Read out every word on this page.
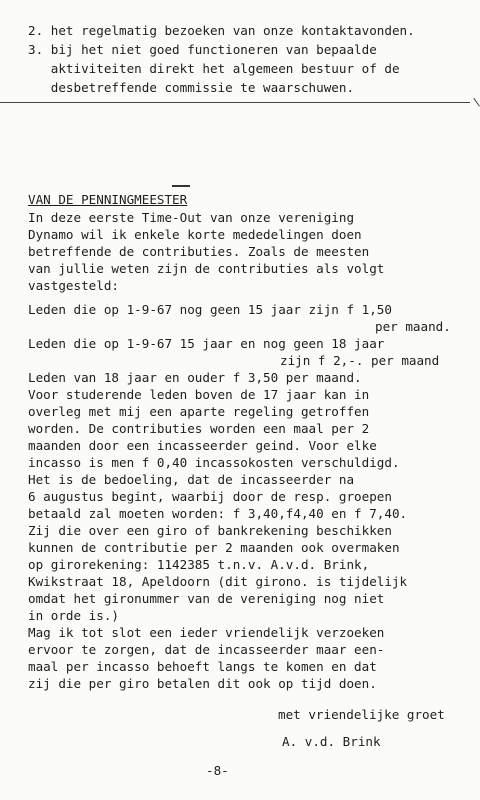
2. het regelmatig bezoeken van onze kontaktavonden.
3. bij het niet goed functioneren van bepaalde
aktiviteiten direkt het algemeen bestuur of de
desbetreffende commissie te waarschuwen.
VAN DE PENNINGMEESTER
In deze eerste Time-Out van onze vereniging
Dynamo wil ik enkele korte mededelingen doen
betreffende de contributies. Zoals de meesten
van jullie weten zijn de contributies als volgt
vastgesteld:
Leden die op 1-9-67 nog geen 15 jaar zijn f 1,50
per maand.
Leden die op 1-9-67 15 jaar en nog geen 18 jaar
zijn f 2,-. per maand
Leden van 18 jaar en ouder f 3,50 per maand.
Voor studerende leden boven de 17 jaar kan in
overleg met mij een aparte regeling getroffen
worden. De contributies worden een maal per 2
maanden door een incasseerder geind. Voor elke
incasso is men f 0,40 incassokosten verschuldigd.
Het is de bedoeling, dat de incasseerder na
6 augustus begint, waarbij door de resp. groepen
betaald zal moeten worden: f 3,40,f4,40 en f 7,40.
Zij die over een giro of bankrekening beschikken
kunnen de contributie per 2 maanden ook overmaken
op girorekening: 1142385 t.n.v. A.v.d. Brink,
Kwikstraat 18, Apeldoorn (dit girono. is tijdelijk
omdat het gironummer van de vereniging nog niet
in orde is.)
Mag ik tot slot een ieder vriendelijk verzoeken
ervoor te zorgen, dat de incasseerder maar een-
maal per incasso behoeft langs te komen en dat
zij die per giro betalen dit ook op tijd doen.
met vriendelijke groet
A. v.d. Brink
-8-
